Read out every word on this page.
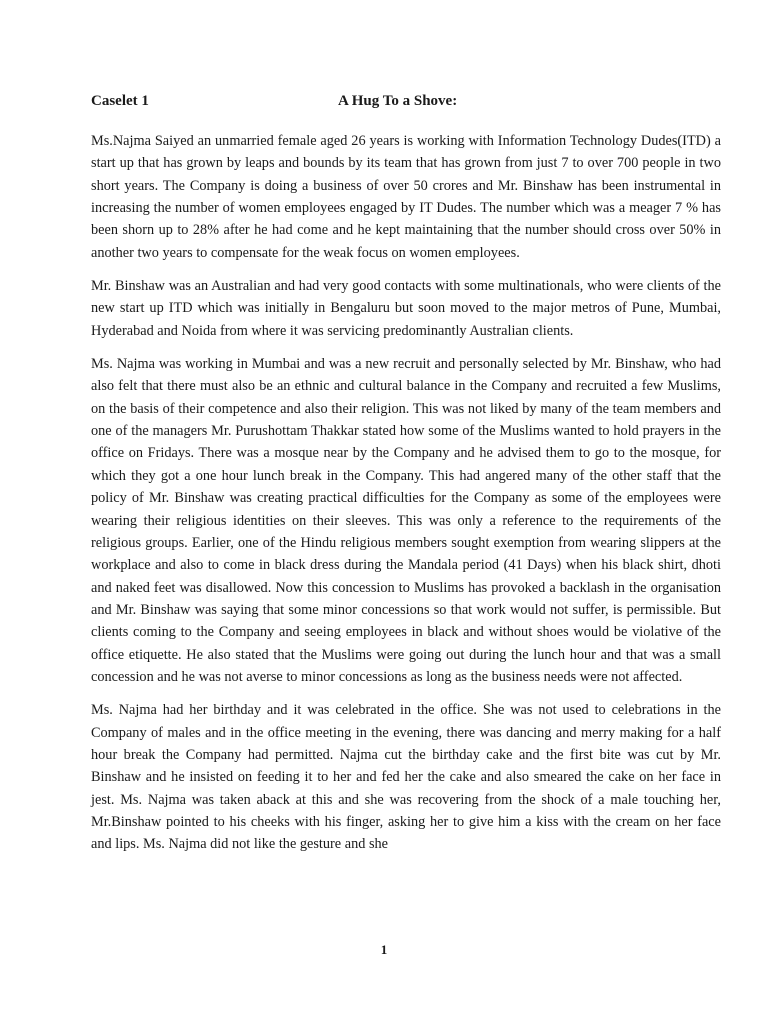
Caselet 1	A Hug To a Shove:

Ms.Najma Saiyed an unmarried female aged 26 years is working with Information Technology Dudes(ITD) a start up that has grown by leaps and bounds by its team that has grown from just 7 to over 700 people in two short years. The Company is doing a business of over 50 crores and Mr. Binshaw has been instrumental in increasing the number of women employees engaged by IT Dudes. The number which was a meager 7 % has been shorn up to 28% after he had come and he kept maintaining that the number should cross over 50% in another two years to compensate for the weak focus on women employees.

Mr. Binshaw was an Australian and had very good contacts with some multinationals, who were clients of the new start up ITD which was initially in Bengaluru but soon moved to the major metros of Pune, Mumbai, Hyderabad and Noida from where it was servicing predominantly Australian clients.

Ms. Najma was working in Mumbai and was a new recruit and personally selected by Mr. Binshaw, who had also felt that there must also be an ethnic and cultural balance in the Company and recruited a few Muslims, on the basis of their competence and also their religion. This was not liked by many of the team members and one of the managers Mr. Purushottam Thakkar stated how some of the Muslims wanted to hold prayers in the office on Fridays. There was a mosque near by the Company and he advised them to go to the mosque, for which they got a one hour lunch break in the Company. This had angered many of the other staff that the policy of Mr. Binshaw was creating practical difficulties for the Company as some of the employees were wearing their religious identities on their sleeves. This was only a reference to the requirements of the religious groups. Earlier, one of the Hindu religious members sought exemption from wearing slippers at the workplace and also to come in black dress during the Mandala period (41 Days) when his black shirt, dhoti and naked feet was disallowed. Now this concession to Muslims has provoked a backlash in the organisation and Mr. Binshaw was saying that some minor concessions so that work would not suffer, is permissible. But clients coming to the Company and seeing employees in black and without shoes would be violative of the office etiquette. He also stated that the Muslims were going out during the lunch hour and that was a small concession and he was not averse to minor concessions as long as the business needs were not affected.

Ms. Najma had her birthday and it was celebrated in the office. She was not used to celebrations in the Company of males and in the office meeting in the evening, there was dancing and merry making for a half hour break the Company had permitted. Najma cut the birthday cake and the first bite was cut by Mr. Binshaw and he insisted on feeding it to her and fed her the cake and also smeared the cake on her face in jest. Ms. Najma was taken aback at this and she was recovering from the shock of a male touching her, Mr.Binshaw pointed to his cheeks with his finger, asking her to give him a kiss with the cream on her face and lips. Ms. Najma did not like the gesture and she

1
